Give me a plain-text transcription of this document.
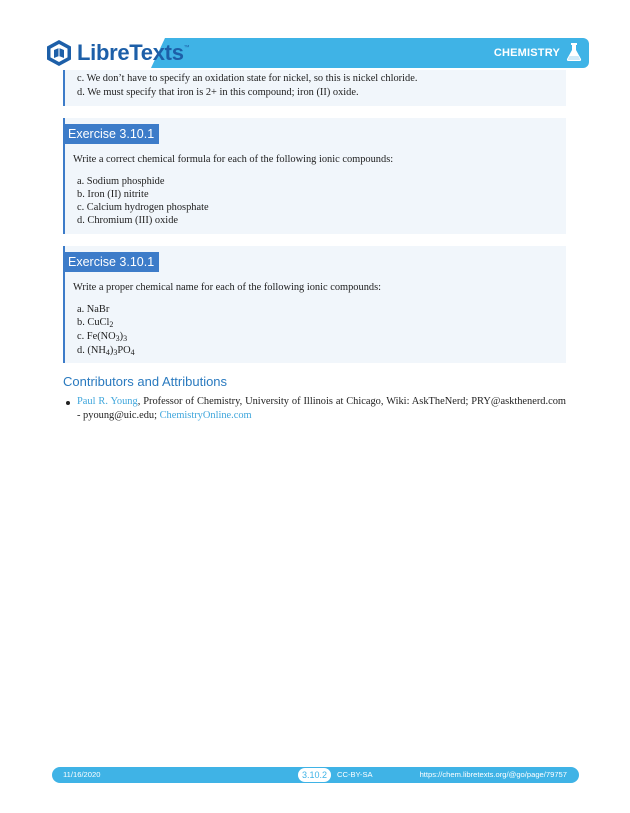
LibreTexts ™	CHEMISTRY
c. We don’t have to specify an oxidation state for nickel, so this is nickel chloride.
d. We must specify that iron is 2+ in this compound; iron (II) oxide.
Exercise 3.10.1
Write a correct chemical formula for each of the following ionic compounds:
a. Sodium phosphide
b. Iron (II) nitrite
c. Calcium hydrogen phosphate
d. Chromium (III) oxide
Exercise 3.10.1
Write a proper chemical name for each of the following ionic compounds:
a. NaBr
b. CuCl$_2$
c. $Fe(NO_3)_3$
d. $(NH_4)_3PO_4$
Contributors and Attributions
Paul R. Young, Professor of Chemistry, University of Illinois at Chicago, Wiki: AskTheNerd; PRY@askthenerd.com - pyoung@uic.edu; ChemistryOnline.com
11/16/2020	3.10.2	CC-BY-SA	https://chem.libretexts.org/@go/page/79757
